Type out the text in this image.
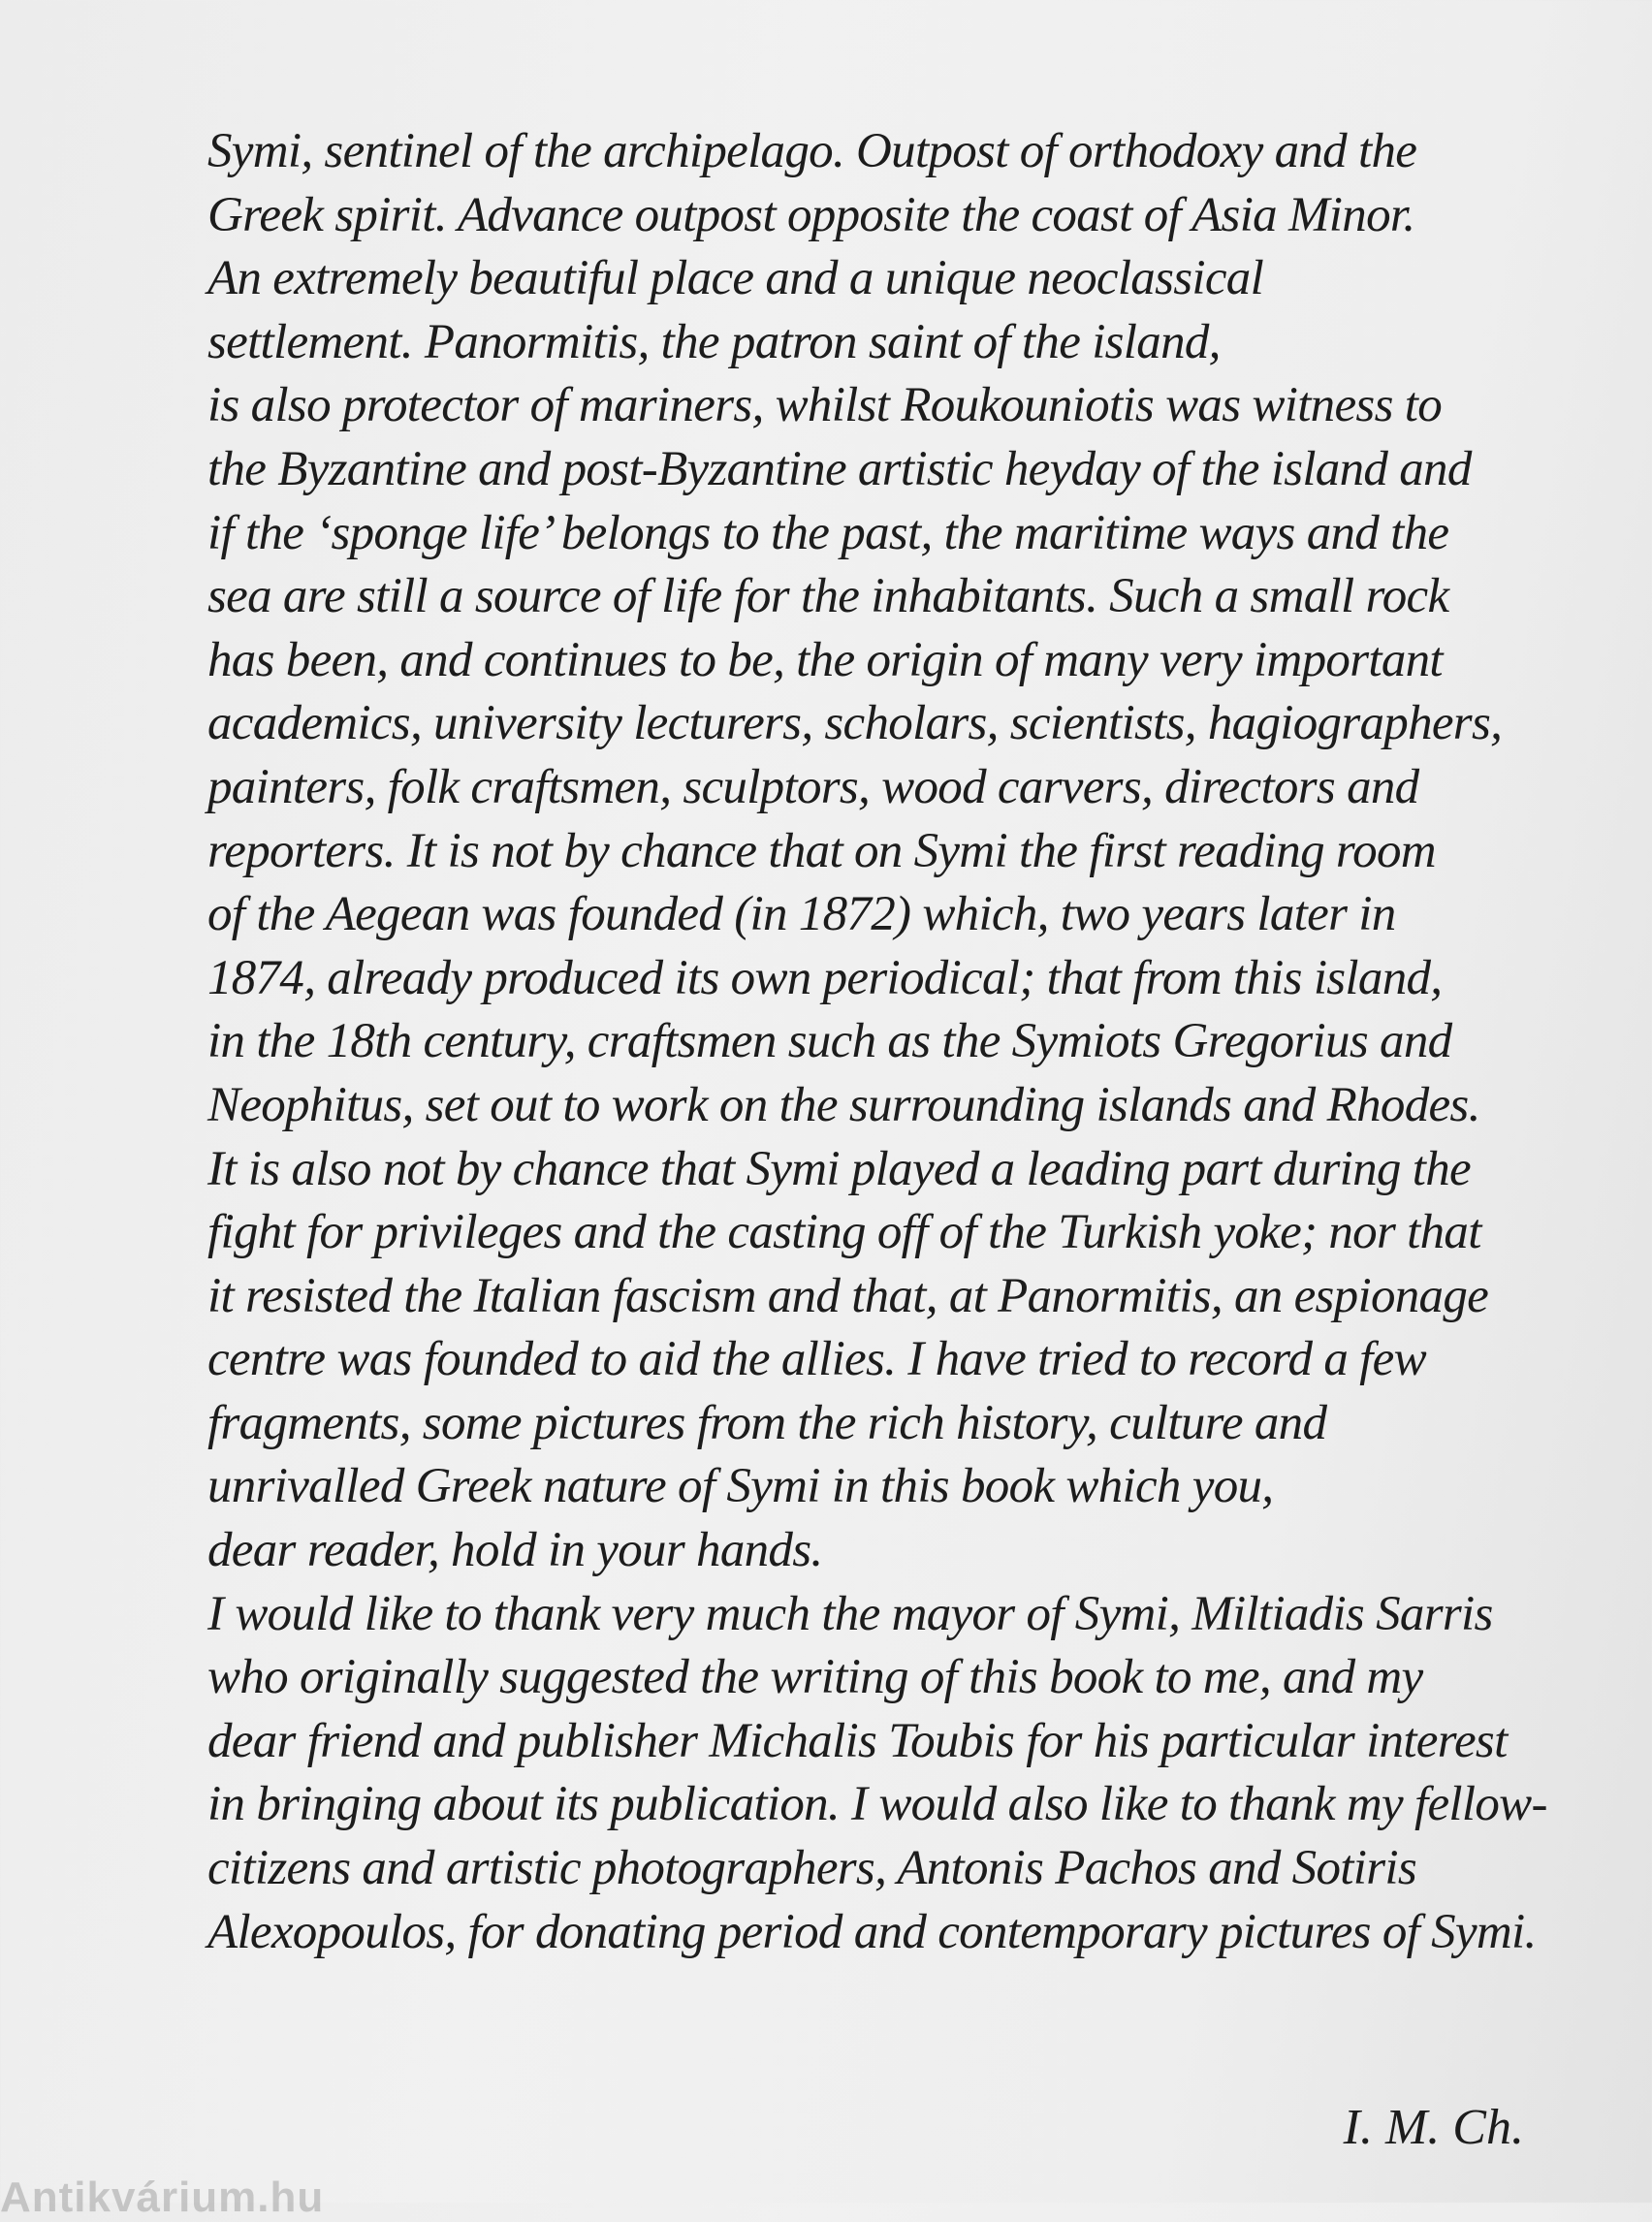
Symi, sentinel of the archipelago. Outpost of orthodoxy and the
Greek spirit. Advance outpost opposite the coast of Asia Minor.
An extremely beautiful place and a unique neoclassical
settlement. Panormitis, the patron saint of the island,
is also protector of mariners, whilst Roukouniotis was witness to
the Byzantine and post-Byzantine artistic heyday of the island and
if the ‘sponge life’ belongs to the past, the maritime ways and the
sea are still a source of life for the inhabitants. Such a small rock
has been, and continues to be, the origin of many very important
academics, university lecturers, scholars, scientists, hagiographers,
painters, folk craftsmen, sculptors, wood carvers, directors and
reporters. It is not by chance that on Symi the first reading room
of the Aegean was founded (in 1872) which, two years later in
1874, already produced its own periodical; that from this island,
in the 18th century, craftsmen such as the Symiots Gregorius and
Neophitus, set out to work on the surrounding islands and Rhodes.
It is also not by chance that Symi played a leading part during the
fight for privileges and the casting off of the Turkish yoke; nor that
it resisted the Italian fascism and that, at Panormitis, an espionage
centre was founded to aid the allies. I have tried to record a few
fragments, some pictures from the rich history, culture and
unrivalled Greek nature of Symi in this book which you,
dear reader, hold in your hands.
I would like to thank very much the mayor of Symi, Miltiadis Sarris
who originally suggested the writing of this book to me, and my
dear friend and publisher Michalis Toubis for his particular interest
in bringing about its publication. I would also like to thank my fellow-
citizens and artistic photographers, Antonis Pachos and Sotiris
Alexopoulos, for donating period and contemporary pictures of Symi.

I. M. Ch.
Antikvárium.hu
